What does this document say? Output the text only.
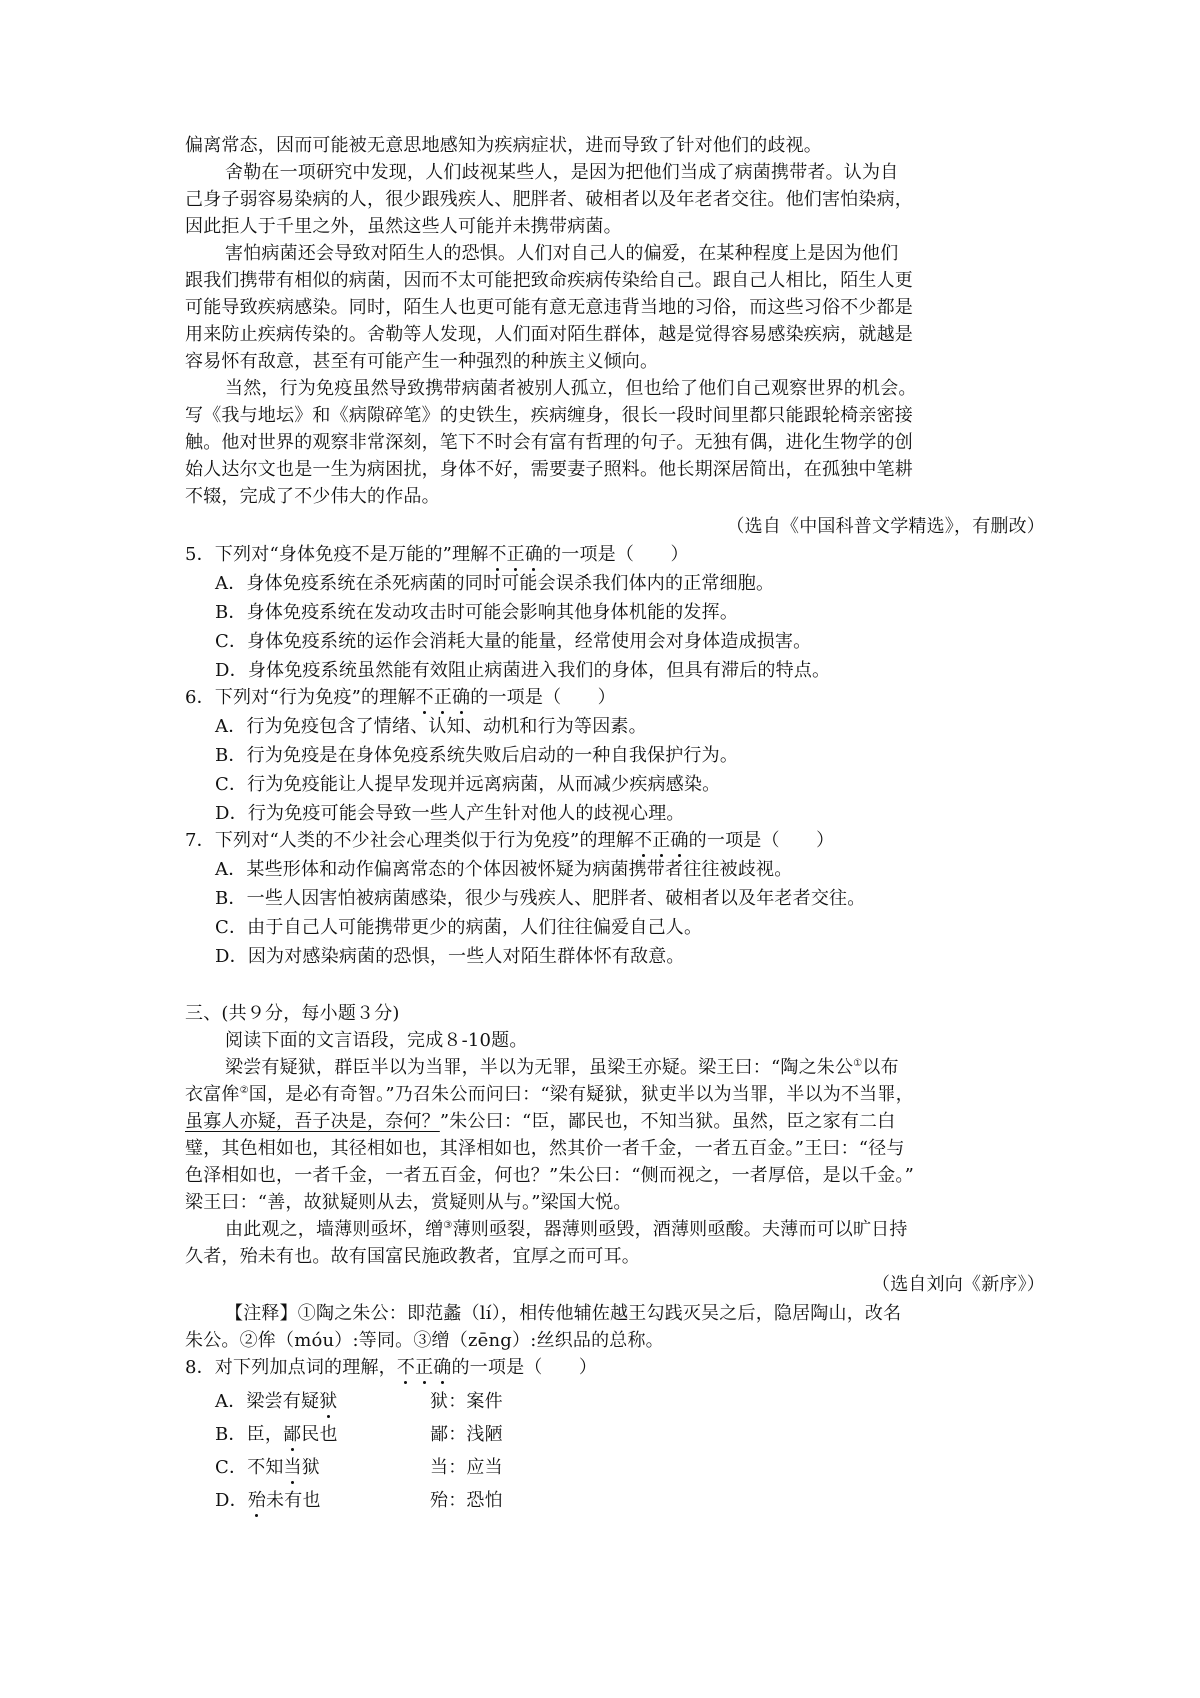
偏离常态，因而可能被无意思地感知为疾病症状，进而导致了针对他们的歧视。
舍勒在一项研究中发现，人们歧视某些人，是因为把他们当成了病菌携带者。认为自
己身子弱容易染病的人，很少跟残疾人、肥胖者、破相者以及年老者交往。他们害怕染病，
因此拒人于千里之外，虽然这些人可能并未携带病菌。
害怕病菌还会导致对陌生人的恐惧。人们对自己人的偏爱，在某种程度上是因为他们
跟我们携带有相似的病菌，因而不太可能把致命疾病传染给自己。跟自己人相比，陌生人更
可能导致疾病感染。同时，陌生人也更可能有意无意违背当地的习俗，而这些习俗不少都是
用来防止疾病传染的。舍勒等人发现，人们面对陌生群体，越是觉得容易感染疾病，就越是
容易怀有敌意，甚至有可能产生一种强烈的种族主义倾向。
当然，行为免疫虽然导致携带病菌者被别人孤立，但也给了他们自己观察世界的机会。
写《我与地坛》和《病隙碎笔》的史铁生，疾病缠身，很长一段时间里都只能跟轮椅亲密接
触。他对世界的观察非常深刻，笔下不时会有富有哲理的句子。无独有偶，进化生物学的创
始人达尔文也是一生为病困扰，身体不好，需要妻子照料。他长期深居简出，在孤独中笔耕
不辍，完成了不少伟大的作品。
（选自《中国科普文学精选》，有删改）
5．下列对“身体免疫不是万能的”理解不正确的一项是（　　）
A．身体免疫系统在杀死病菌的同时可能会误杀我们体内的正常细胞。
B．身体免疫系统在发动攻击时可能会影响其他身体机能的发挥。
C．身体免疫系统的运作会消耗大量的能量，经常使用会对身体造成损害。
D．身体免疫系统虽然能有效阻止病菌进入我们的身体，但具有滞后的特点。
6．下列对“行为免疫”的理解不正确的一项是（　　）
A．行为免疫包含了情绪、认知、动机和行为等因素。
B．行为免疫是在身体免疫系统失败后启动的一种自我保护行为。
C．行为免疫能让人提早发现并远离病菌，从而减少疾病感染。
D．行为免疫可能会导致一些人产生针对他人的歧视心理。
7．下列对“人类的不少社会心理类似于行为免疫”的理解不正确的一项是（　　）
A．某些形体和动作偏离常态的个体因被怀疑为病菌携带者往往被歧视。
B．一些人因害怕被病菌感染，很少与残疾人、肥胖者、破相者以及年老者交往。
C．由于自己人可能携带更少的病菌，人们往往偏爱自己人。
D．因为对感染病菌的恐惧，一些人对陌生群体怀有敌意。
三、(共９分，每小题３分)
阅读下面的文言语段，完成８-10题。
梁尝有疑狱，群臣半以为当罪，半以为无罪，虽梁王亦疑。梁王曰：“陶之朱公①以布
衣富侔②国，是必有奇智。”乃召朱公而问曰：“梁有疑狱，狱吏半以为当罪，半以为不当罪，
虽寡人亦疑，吾子决是，奈何？”朱公曰：“臣，鄙民也，不知当狱。虽然，臣之家有二白
璧，其色相如也，其径相如也，其泽相如也，然其价一者千金，一者五百金。”王曰：“径与
色泽相如也，一者千金，一者五百金，何也？”朱公曰：“侧而视之，一者厚倍，是以千金。”
梁王曰：“善，故狱疑则从去，赏疑则从与。”梁国大悦。
由此观之，墙薄则亟坏，缯③薄则亟裂，器薄则亟毁，酒薄则亟酸。夫薄而可以旷日持
久者，殆未有也。故有国富民施政教者，宜厚之而可耳。
（选自刘向《新序》）
【注释】①陶之朱公：即范蠡（lí），相传他辅佐越王勾践灭吴之后，隐居陶山，改名
朱公。②侔（móu）:等同。③缯（zēng）:丝织品的总称。
8．对下列加点词的理解，不正确的一项是（　　）
A．梁尝有疑狱	狱：案件
B．臣，鄙民也	鄙：浅陋
C．不知当狱	当：应当
D．殆未有也	殆：恐怕
